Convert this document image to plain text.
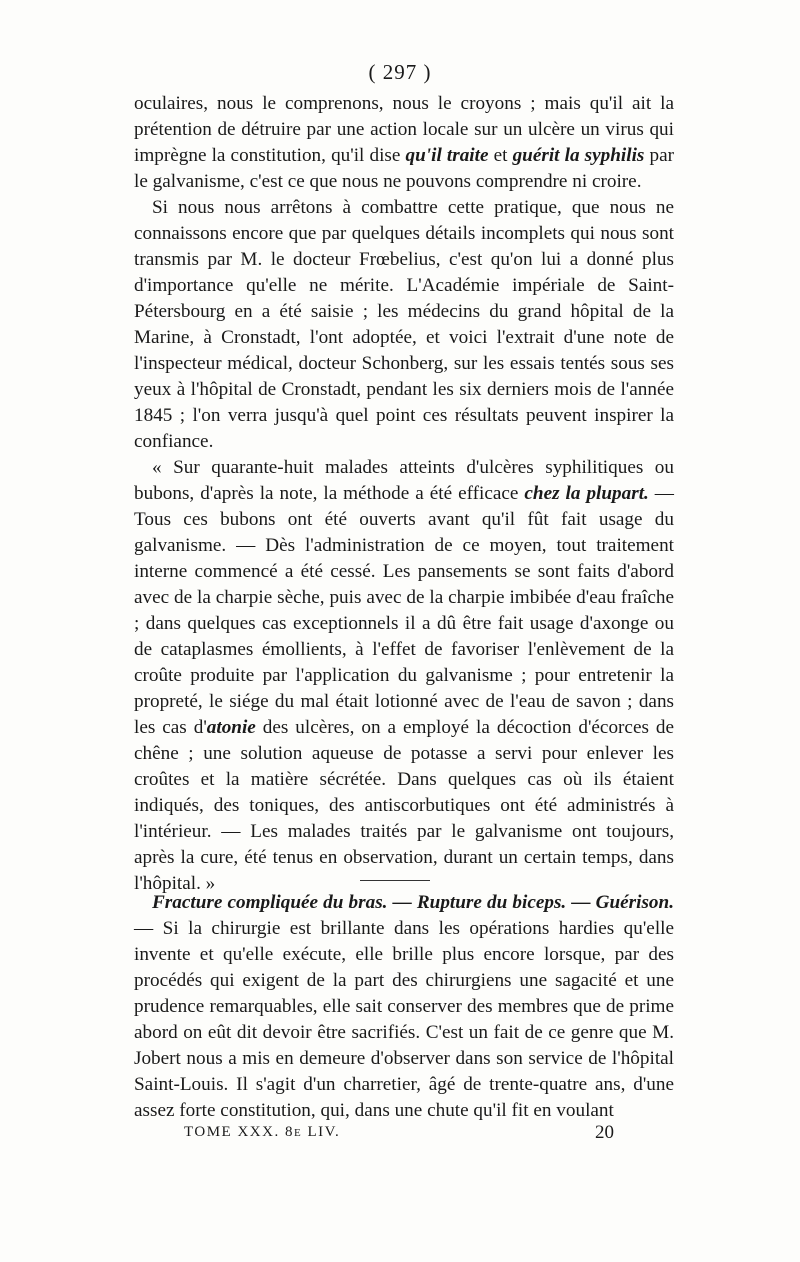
( 297 )

oculaires, nous le comprenons, nous le croyons ; mais qu'il ait la prétention de détruire par une action locale sur un ulcère un virus qui imprègne la constitution, qu'il dise qu'il traite et guérit la syphilis par le galvanisme, c'est ce que nous ne pouvons comprendre ni croire.

Si nous nous arrêtons à combattre cette pratique, que nous ne connaissons encore que par quelques détails incomplets qui nous sont transmis par M. le docteur Frœbelius, c'est qu'on lui a donné plus d'importance qu'elle ne mérite. L'Académie impériale de Saint-Pétersbourg en a été saisie ; les médecins du grand hôpital de la Marine, à Cronstadt, l'ont adoptée, et voici l'extrait d'une note de l'inspecteur médical, docteur Schonberg, sur les essais tentés sous ses yeux à l'hôpital de Cronstadt, pendant les six derniers mois de l'année 1845 ; l'on verra jusqu'à quel point ces résultats peuvent inspirer la confiance.

« Sur quarante-huit malades atteints d'ulcères syphilitiques ou bubons, d'après la note, la méthode a été efficace chez la plupart. — Tous ces bubons ont été ouverts avant qu'il fût fait usage du galvanisme. — Dès l'administration de ce moyen, tout traitement interne commencé a été cessé. Les pansements se sont faits d'abord avec de la charpie sèche, puis avec de la charpie imbibée d'eau fraîche ; dans quelques cas exceptionnels il a dû être fait usage d'axonge ou de cataplasmes émollients, à l'effet de favoriser l'enlèvement de la croûte produite par l'application du galvanisme ; pour entretenir la propreté, le siége du mal était lotionné avec de l'eau de savon ; dans les cas d'atonie des ulcères, on a employé la décoction d'écorces de chêne ; une solution aqueuse de potasse a servi pour enlever les croûtes et la matière sécrétée. Dans quelques cas où ils étaient indiqués, des toniques, des antiscorbutiques ont été administrés à l'intérieur. — Les malades traités par le galvanisme ont toujours, après la cure, été tenus en observation, durant un certain temps, dans l'hôpital. »

Fracture compliquée du bras. — Rupture du biceps. — Guérison. — Si la chirurgie est brillante dans les opérations hardies qu'elle invente et qu'elle exécute, elle brille plus encore lorsque, par des procédés qui exigent de la part des chirurgiens une sagacité et une prudence remarquables, elle sait conserver des membres que de prime abord on eût dit devoir être sacrifiés. C'est un fait de ce genre que M. Jobert nous a mis en demeure d'observer dans son service de l'hôpital Saint-Louis. Il s'agit d'un charretier, âgé de trente-quatre ans, d'une assez forte constitution, qui, dans une chute qu'il fit en voulant

TOME XXX. 8e LIV.	20
